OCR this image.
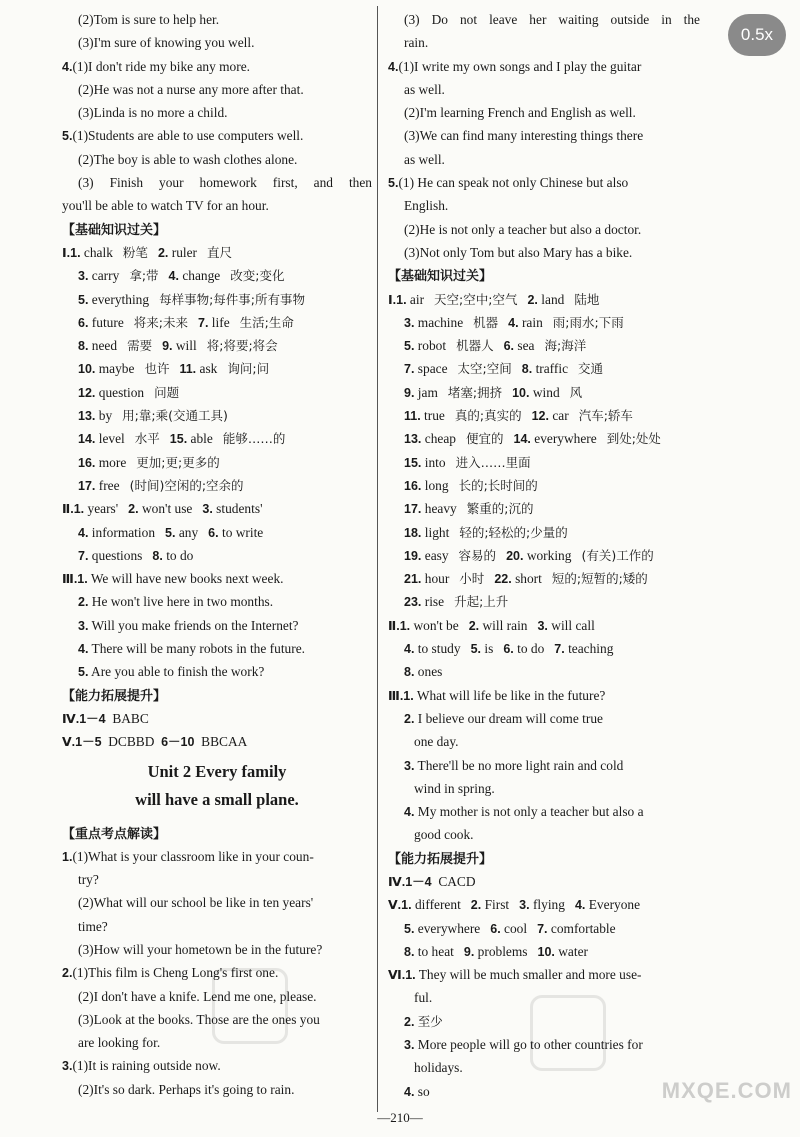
(2)Tom is sure to help her.
(3)I'm sure of knowing you well.
4.(1)I don't ride my bike any more.
(2)He was not a nurse any more after that.
(3)Linda is no more a child.
5.(1)Students are able to use computers well.
(2)The boy is able to wash clothes alone.
(3) Finish your homework first, and then
you'll be able to watch TV for an hour.
【基础知识过关】
Ⅰ.1. chalk 粉笔 2. ruler 直尺
3. carry 拿;带 4. change 改变;变化
5. everything 每样事物;每件事;所有事物
6. future 将来;未来 7. life 生活;生命
8. need 需要 9. will 将;将要;将会
10. maybe 也许 11. ask 询问;问
12. question 问题
13. by 用;靠;乘(交通工具)
14. level 水平 15. able 能够……的
16. more 更加;更;更多的
17. free (时间)空闲的;空余的
Ⅱ.1. years' 2. won't use 3. students'
4. information 5. any 6. to write
7. questions 8. to do
Ⅲ.1. We will have new books next week.
2. He won't live here in two months.
3. Will you make friends on the Internet?
4. There will be many robots in the future.
5. Are you able to finish the work?
【能力拓展提升】
Ⅳ.1－4 BABC
Ⅴ.1－5 DCBBD 6－10 BBCAA
Unit 2 Every family
will have a small plane.
【重点考点解读】
1.(1)What is your classroom like in your coun-
try?
(2)What will our school be like in ten years'
time?
(3)How will your hometown be in the future?
2.(1)This film is Cheng Long's first one.
(2)I don't have a knife. Lend me one, please.
(3)Look at the books. Those are the ones you
are looking for.
3.(1)It is raining outside now.
(2)It's so dark. Perhaps it's going to rain.
(3) Do not leave her waiting outside in the
rain.
4.(1)I write my own songs and I play the guitar
as well.
(2)I'm learning French and English as well.
(3)We can find many interesting things there
as well.
5.(1) He can speak not only Chinese but also
English.
(2)He is not only a teacher but also a doctor.
(3)Not only Tom but also Mary has a bike.
【基础知识过关】
Ⅰ.1. air 天空;空中;空气 2. land 陆地
3. machine 机器 4. rain 雨;雨水;下雨
5. robot 机器人 6. sea 海;海洋
7. space 太空;空间 8. traffic 交通
9. jam 堵塞;拥挤 10. wind 风
11. true 真的;真实的 12. car 汽车;轿车
13. cheap 便宜的 14. everywhere 到处;处处
15. into 进入……里面
16. long 长的;长时间的
17. heavy 繁重的;沉的
18. light 轻的;轻松的;少量的
19. easy 容易的 20. working (有关)工作的
21. hour 小时 22. short 短的;短暂的;矮的
23. rise 升起;上升
Ⅱ.1. won't be 2. will rain 3. will call
4. to study 5. is 6. to do 7. teaching
8. ones
Ⅲ.1. What will life be like in the future?
2. I believe our dream will come true
one day.
3. There'll be no more light rain and cold
wind in spring.
4. My mother is not only a teacher but also a
good cook.
【能力拓展提升】
Ⅳ.1－4 CACD
Ⅴ.1. different 2. First 3. flying 4. Everyone
5. everywhere 6. cool 7. comfortable
8. to heat 9. problems 10. water
Ⅵ.1. They will be much smaller and more use-
ful.
2. 至少
3. More people will go to other countries for
holidays.
4. so
0.5x
—210—
MXQE.COM
